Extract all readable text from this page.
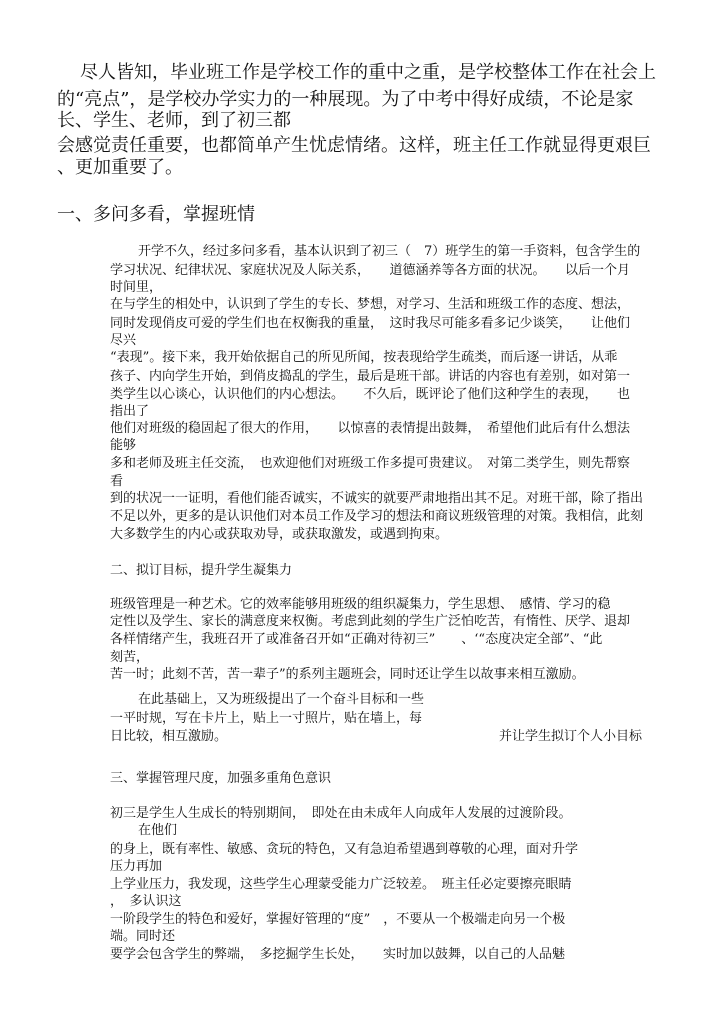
尽人皆知，毕业班工作是学校工作的重中之重，是学校整体工作在社会上
的“亮点”，是学校办学实力的一种展现。为了中考中得好成绩，不论是家
长、学生、老师，到了初三都
会感觉责任重要，也都简单产生忧虑情绪。这样，班主任工作就显得更艰巨
、更加重要了。
一、多问多看，掌握班情
开学不久，经过多问多看，基本认识到了初三（　7）班学生的第一手资料，包含学生的
学习状况、纪律状况、家庭状况及人际关系，　　道德涵养等各方面的状况。　　以后一个月
时间里，
在与学生的相处中，认识到了学生的专长、梦想，对学习、生活和班级工作的态度、想法，
同时发现俏皮可爱的学生们也在权衡我的重量，　这时我尽可能多看多记少谈笑，　　让他们
尽兴
“表现”。接下来，我开始依据自己的所见所闻，按表现给学生疏类，而后逐一讲话，从乖
孩子、内向学生开始，到俏皮捣乱的学生，最后是班干部。讲话的内容也有差别，如对第一
类学生以心谈心，认识他们的内心想法。　　不久后，既评论了他们这种学生的表现，　　也
指出了
他们对班级的稳固起了很大的作用，　　以惊喜的表情提出鼓舞，　希望他们此后有什么想法
能够
多和老师及班主任交流，　也欢迎他们对班级工作多提可贵建议。　对第二类学生，则先帮察
看
到的状况一一证明，看他们能否诚实，不诚实的就要严肃地指出其不足。对班干部，除了指出
不足以外，更多的是认识他们对本员工作及学习的想法和商议班级管理的对策。我相信，此刻
大多数学生的内心或获取劝导，或获取激发，或遇到拘束。
二、拟订目标，提升学生凝集力
班级管理是一种艺术。它的效率能够用班级的组织凝集力，学生思想、　感情、学习的稳
定性以及学生、家长的满意度来权衡。考虑到此刻的学生广泛怕吃苦，有惰性、厌学、退却
各样情绪产生，我班召开了或准备召开如“正确对待初三”　　、‘“态度决定全部”、“此
刻苦，
苦一时；此刻不苦，苦一辈子”的系列主题班会，同时还让学生以故事来相互激励。
在此基础上，又为班级提出了一个奋斗目标和一些
一平时规，写在卡片上，贴上一寸照片，贴在墙上，每
日比较，相互激励。	并让学生拟订个人小目标
三、掌握管理尺度，加强多重角色意识
初三是学生人生成长的特别期间，　即处在由未成年人向成年人发展的过渡阶段。
在他们
的身上，既有率性、敏感、贪玩的特色，又有急迫希望遇到尊敬的心理，面对升学
压力再加
上学业压力，我发现，这些学生心理蒙受能力广泛较差。　班主任必定要擦亮眼睛
，　多认识这
一阶段学生的特色和爱好，掌握好管理的“度”　，不要从一个极端走向另一个极
端。同时还
要学会包含学生的弊端，　多挖掘学生长处，　　实时加以鼓舞，以自己的人品魅
